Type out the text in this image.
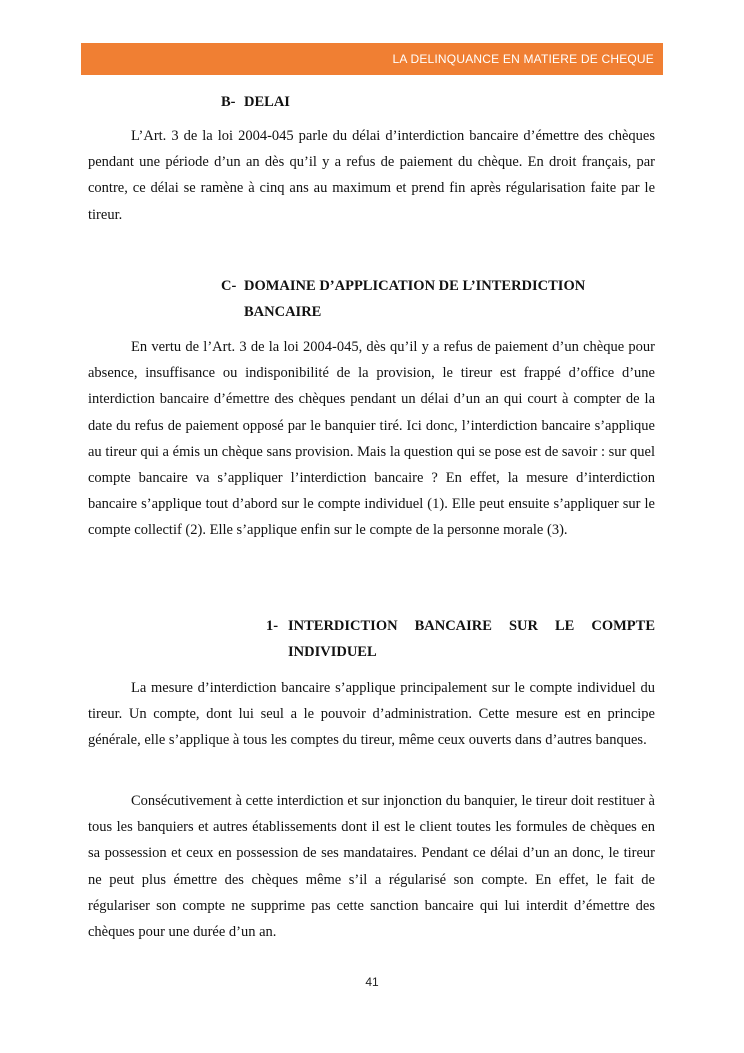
LA DELINQUANCE EN MATIERE DE CHEQUE
B- DELAI

L’Art. 3 de la loi 2004-045 parle du délai d’interdiction bancaire d’émettre des chèques pendant une période d’un an dès qu’il y a refus de paiement du chèque. En droit français, par contre, ce délai se ramène à cinq ans au maximum et prend fin après régularisation faite par le tireur.

C- DOMAINE D’APPLICATION DE L’INTERDICTION
BANCAIRE

En vertu de l’Art. 3 de la loi 2004-045, dès qu’il y a refus de paiement d’un chèque pour absence, insuffisance ou indisponibilité de la provision, le tireur est frappé d’office d’une interdiction bancaire d’émettre des chèques pendant un délai d’un an qui court à compter de la date du refus de paiement opposé par le banquier tiré. Ici donc, l’interdiction bancaire s’applique au tireur qui a émis un chèque sans provision. Mais la question qui se pose est de savoir : sur quel compte bancaire va s’appliquer l’interdiction bancaire ? En effet, la mesure d’interdiction bancaire s’applique tout d’abord sur le compte individuel (1). Elle peut ensuite s’appliquer sur le compte collectif (2). Elle s’applique enfin sur le compte de la personne morale (3).

1- INTERDICTION BANCAIRE SUR LE COMPTE
INDIVIDUEL

La mesure d’interdiction bancaire s’applique principalement sur le compte individuel du tireur. Un compte, dont lui seul a le pouvoir d’administration. Cette mesure est en principe générale, elle s’applique à tous les comptes du tireur, même ceux ouverts dans d’autres banques.

Consécutivement à cette interdiction et sur injonction du banquier, le tireur doit restituer à tous les banquiers et autres établissements dont il est le client toutes les formules de chèques en sa possession et ceux en possession de ses mandataires. Pendant ce délai d’un an donc, le tireur ne peut plus émettre des chèques même s’il a régularisé son compte. En effet, le fait de régulariser son compte ne supprime pas cette sanction bancaire qui lui interdit d’émettre des chèques pour une durée d’un an.

41
